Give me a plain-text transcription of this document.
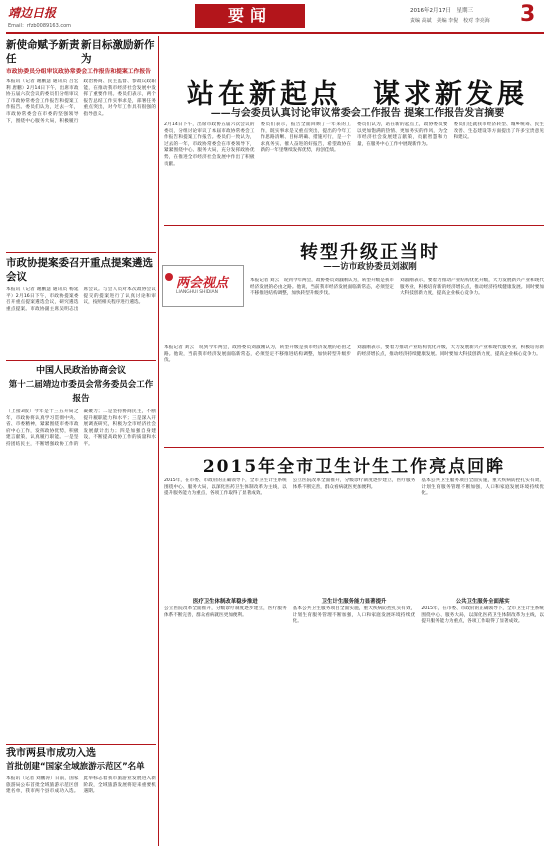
靖边日报
Email：rfzb0089163.com
要闻	2016年2月17日　星期三
责编 高斌　美编 李倪　校对 李亮海 3
新使命赋予新责任
新目标激励新作为
市政协委员分组审议政协常委会工作报告和提案工作报告
本报讯（记者 谢鹏慧 通讯员 吕宏利 唐鹏）2月14日下午，出席市政协五届六次会议的委员们分组审议了市政协常委会工作报告和提案工作报告。委员们认为，过去一年，市政协常委会在市委的坚强领导下，围绕中心服务大局，积极履行政治协商、民主监督、参政议政职能，在推动我市经济社会发展中发挥了重要作用。委员们表示，两个报告总结工作实事求是，部署任务重点突出，对今年工作具有很强的指导意义。
市政协提案委召开重点提案遴选会议
本报讯（记者 谢鹏慧 通讯员 杨延平）2月16日下午，市政协提案委召开重点提案遴选会议，研究遴选重点提案。市政协副主席吴明志出席会议。与会人员对本次政协会议提交的提案进行了认真讨论和审议，按照相关程序进行遴选。
中国人民政治协商会议
第十二届靖边市委员会常务委员会工作报告
（上接3版）今年是十三五开局之年，市政协将认真学习贯彻中央、省、市委精神，紧紧围绕市委市政府中心工作，发挥政协优势，积极建言献策，认真履行职能。一是坚持团结民主，不断增强政协工作的凝聚力；二是坚持协商民主，不断提升履职能力和水平；三是深入开展调查研究，积极为全市经济社会发展献计出力；四是加强自身建设，不断提高政协工作的质量和水平。
我市两县市成功入选
首批创建“国家全域旅游示范区”名单
本报讯（记者 刘鹏涛）日前，国家旅游局公布首批全域旅游示范区创建名单，我市两个县市成功入选。此举标志着我市旅游业发展进入新阶段，全域旅游发展将迎来重要机遇期。
站在新起点　谋求新发展
——与会委员认真讨论审议常委会工作报告 提案工作报告发言摘要
2月14日下午，出席市政协五届六次会议的委员，分组讨论审议了本届市政协常委会工作报告和提案工作报告。委员们一致认为，过去的一年，市政协常委会在市委领导下，紧紧围绕中心、服务大局，充分发挥政协优势，在推进全市经济社会发展中作出了积极贡献。
委员们表示，报告全面回顾了一年来的工作，既实事求是又重点突出，提出的今年工作思路清晰、目标明确、措施可行，是一个求真务实、催人奋进的好报告，希望政协在新的一年里继续发挥优势，再创佳绩。
委员们认为，站在新的起点上，政协委员要以更加饱满的热情、更加务实的作风，为全市经济社会发展建言献策，贡献智慧和力量，在服务中心工作中展现新作为。
委员们还就我市经济转型、城乡统筹、民生改善、生态建设等方面提出了许多宝贵意见和建议。
两会视点
LIANGHUI SHIDIAN
转型升级正当时
——访市政协委员刘淑刚
本报记者 刘云　说到今年两会，政协委员刘淑刚认为，转型升级是我市经济发展的必由之路。他说，当前我市经济发展面临新常态，必须坚定不移推进结构调整，加快转型升级步伐。
刘淑刚表示，要着力推动产业结构优化升级，大力发展新兴产业和现代服务业，积极培育新的经济增长点，推动经济持续健康发展。同时要加大科技创新力度，提高企业核心竞争力。
本报记者 刘云　说到今年两会，政协委员刘淑刚认为，转型升级是我市经济发展的必由之路。他说，当前我市经济发展面临新常态，必须坚定不移推进结构调整，加快转型升级步伐。
刘淑刚表示，要着力推动产业结构优化升级，大力发展新兴产业和现代服务业，积极培育新的经济增长点，推动经济持续健康发展。同时要加大科技创新力度，提高企业核心竞争力。
2015年全市卫生计生工作亮点回眸
2015年，在市委、市政府的正确领导下，全市卫生计生系统围绕中心、服务大局，以深化医药卫生体制改革为主线，以提升服务能力为重点，各项工作取得了显著成效。
医疗卫生体制改革稳步推进
公立医院改革全面推开，分级诊疗制度逐步建立，医疗服务体系不断完善，群众看病就医更加便利。
公立医院改革全面推开，分级诊疗制度逐步建立，医疗服务体系不断完善，群众看病就医更加便利。
卫生计生服务能力显著提升
基本公共卫生服务项目全面实施，重大疾病防控扎实有效，计划生育服务管理不断加强，人口和家庭发展环境持续优化。
基本公共卫生服务项目全面实施，重大疾病防控扎实有效，计划生育服务管理不断加强，人口和家庭发展环境持续优化。
公共卫生服务全面落实
2015年，在市委、市政府的正确领导下，全市卫生计生系统围绕中心、服务大局，以深化医药卫生体制改革为主线，以提升服务能力为重点，各项工作取得了显著成效。
